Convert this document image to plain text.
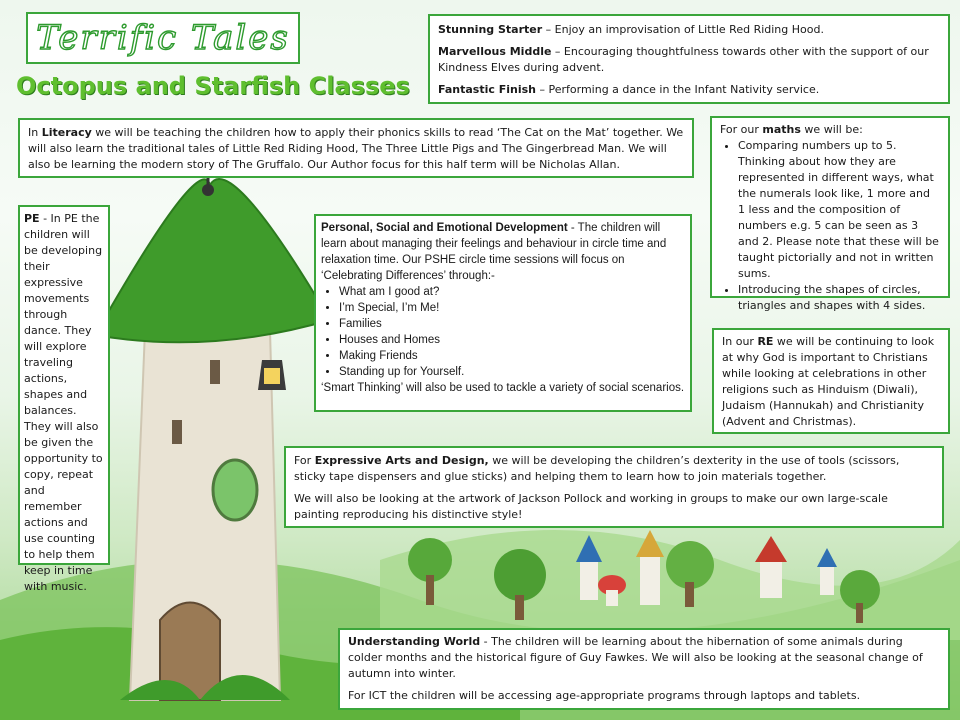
Terrific Tales
Octopus and Starfish Classes

Stunning Starter – Enjoy an improvisation of Little Red Riding Hood.

Marvellous Middle – Encouraging thoughtfulness towards other with the support of our Kindness Elves during advent.

Fantastic Finish – Performing a dance in the Infant Nativity service.

In Literacy we will be teaching the children how to apply their phonics skills to read ‘The Cat on the Mat’ together. We will also learn the traditional tales of Little Red Riding Hood, The Three Little Pigs and The Gingerbread Man. We will also be learning the modern story of The Gruffalo. Our Author focus for this half term will be Nicholas Allan.

For our maths we will be:

• Comparing numbers up to 5. Thinking about how they are represented in different ways, what the numerals look like, 1 more and 1 less and the composition of numbers e.g. 5 can be seen as 3 and 2. Please note that these will be taught pictorially and not in written sums.
• Introducing the shapes of circles, triangles and shapes with 4 sides.

PE - In PE the children will be developing their expressive movements through dance. They will explore traveling actions, shapes and balances. They will also be given the opportunity to copy, repeat and remember actions and use counting to help them keep in time with music.

Personal, Social and Emotional Development - The children will learn about managing their feelings and behaviour in circle time and relaxation time. Our PSHE circle time sessions will focus on ‘Celebrating Differences’ through:-

• What am I good at?
• I’m Special, I’m Me!
• Families
• Houses and Homes
• Making Friends
• Standing up for Yourself.

‘Smart Thinking’ will also be used to tackle a variety of social scenarios.

In our RE we will be continuing to look at why God is important to Christians while looking at celebrations in other religions such as Hinduism (Diwali), Judaism (Hannukah) and Christianity (Advent and Christmas).

For Expressive Arts and Design, we will be developing the children’s dexterity in the use of tools (scissors, sticky tape dispensers and glue sticks) and helping them to learn how to join materials together.

We will also be looking at the artwork of Jackson Pollock and working in groups to make our own large-scale painting reproducing his distinctive style!

Understanding World - The children will be learning about the hibernation of some animals during colder months and the historical figure of Guy Fawkes. We will also be looking at the seasonal change of autumn into winter.

For ICT the children will be accessing age-appropriate programs through laptops and tablets.
